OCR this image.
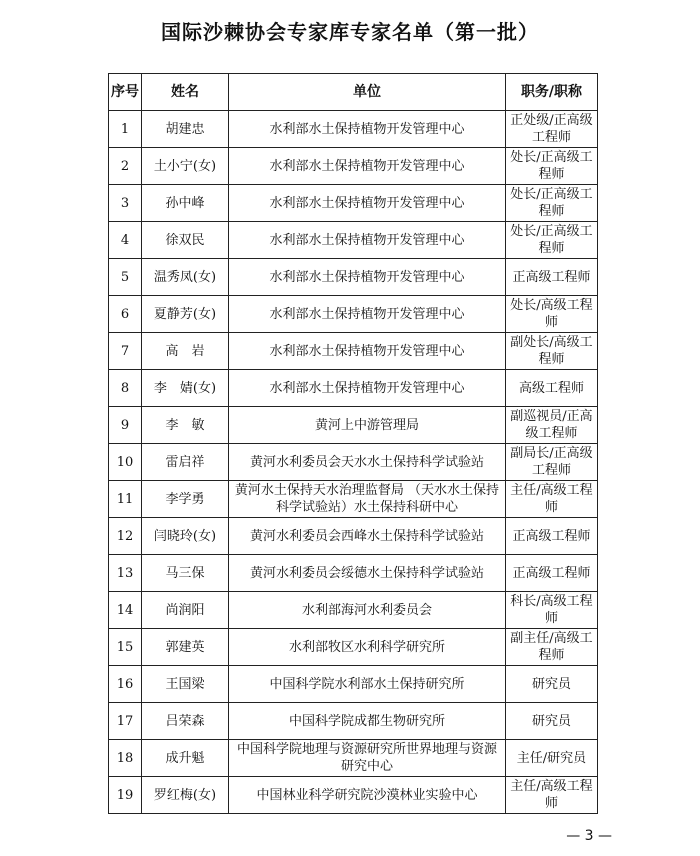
国际沙棘协会专家库专家名单（第一批）
序号	姓名	单位	职务/职称
1	胡建忠	水利部水土保持植物开发管理中心	正处级/正高级工程师
2	土小宁(女)	水利部水土保持植物开发管理中心	处长/正高级工程师
3	孙中峰	水利部水土保持植物开发管理中心	处长/正高级工程师
4	徐双民	水利部水土保持植物开发管理中心	处长/正高级工程师
5	温秀凤(女)	水利部水土保持植物开发管理中心	正高级工程师
6	夏静芳(女)	水利部水土保持植物开发管理中心	处长/高级工程师
7	高　岩	水利部水土保持植物开发管理中心	副处长/高级工程师
8	李　婧(女)	水利部水土保持植物开发管理中心	高级工程师
9	李　敏	黄河上中游管理局	副巡视员/正高级工程师
10	雷启祥	黄河水利委员会天水水土保持科学试验站	副局长/正高级工程师
11	李学勇	黄河水土保持天水治理监督局 （天水水土保持科学试验站）水土保持科研中心	主任/高级工程师
12	闫晓玲(女)	黄河水利委员会西峰水土保持科学试验站	正高级工程师
13	马三保	黄河水利委员会绥德水土保持科学试验站	正高级工程师
14	尚润阳	水利部海河水利委员会	科长/高级工程师
15	郭建英	水利部牧区水利科学研究所	副主任/高级工程师
16	王国梁	中国科学院水利部水土保持研究所	研究员
17	吕荣森	中国科学院成都生物研究所	研究员
18	成升魁	中国科学院地理与资源研究所世界地理与资源研究中心	主任/研究员
19	罗红梅(女)	中国林业科学研究院沙漠林业实验中心	主任/高级工程师
— 3 —
